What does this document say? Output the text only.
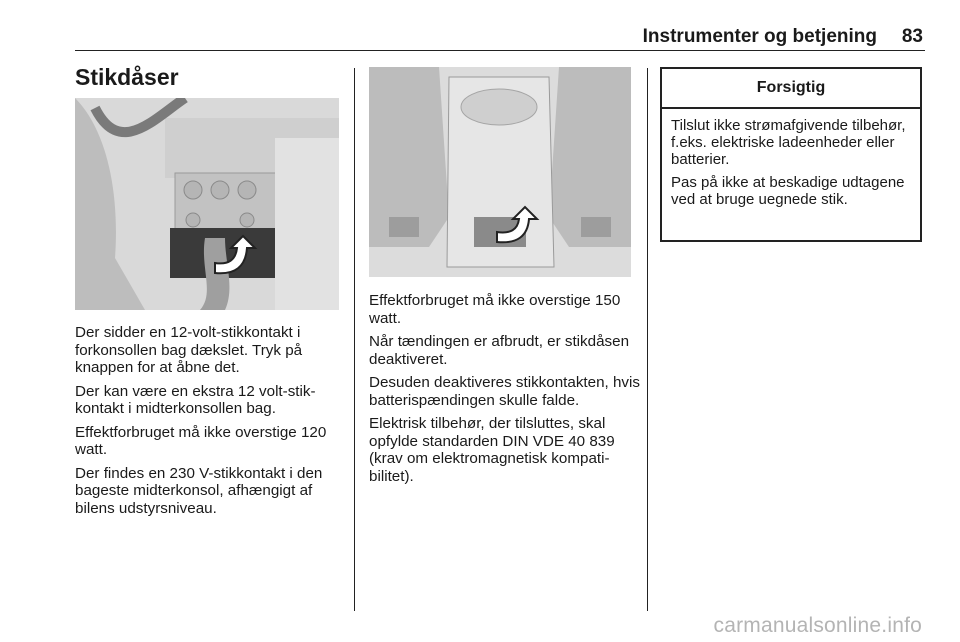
Instrumenter og betjening 83
Stikdåser

Der sidder en 12-volt-stikkontakt i forkonsollen bag dækslet. Tryk på knappen for at åbne det.

Der kan være en ekstra 12 volt-stikkontakt i midterkonsollen bag.

Effektforbruget må ikke overstige 120 watt.

Der findes en 230 V-stikkontakt i den bageste midterkonsol, afhængigt af bilens udstyrsniveau.

Effektforbruget må ikke overstige 150 watt.

Når tændingen er afbrudt, er stikdåsen deaktiveret.

Desuden deaktiveres stikkontakten, hvis batterispændingen skulle falde.

Elektrisk tilbehør, der tilsluttes, skal opfylde standarden DIN VDE 40 839 (krav om elektromagnetisk kompatibilitet).

Forsigtig

Tilslut ikke strømafgivende tilbehør, f.eks. elektriske ladeenheder eller batterier.

Pas på ikke at beskadige udtagene ved at bruge uegnede stik.

carmanualsonline.info
